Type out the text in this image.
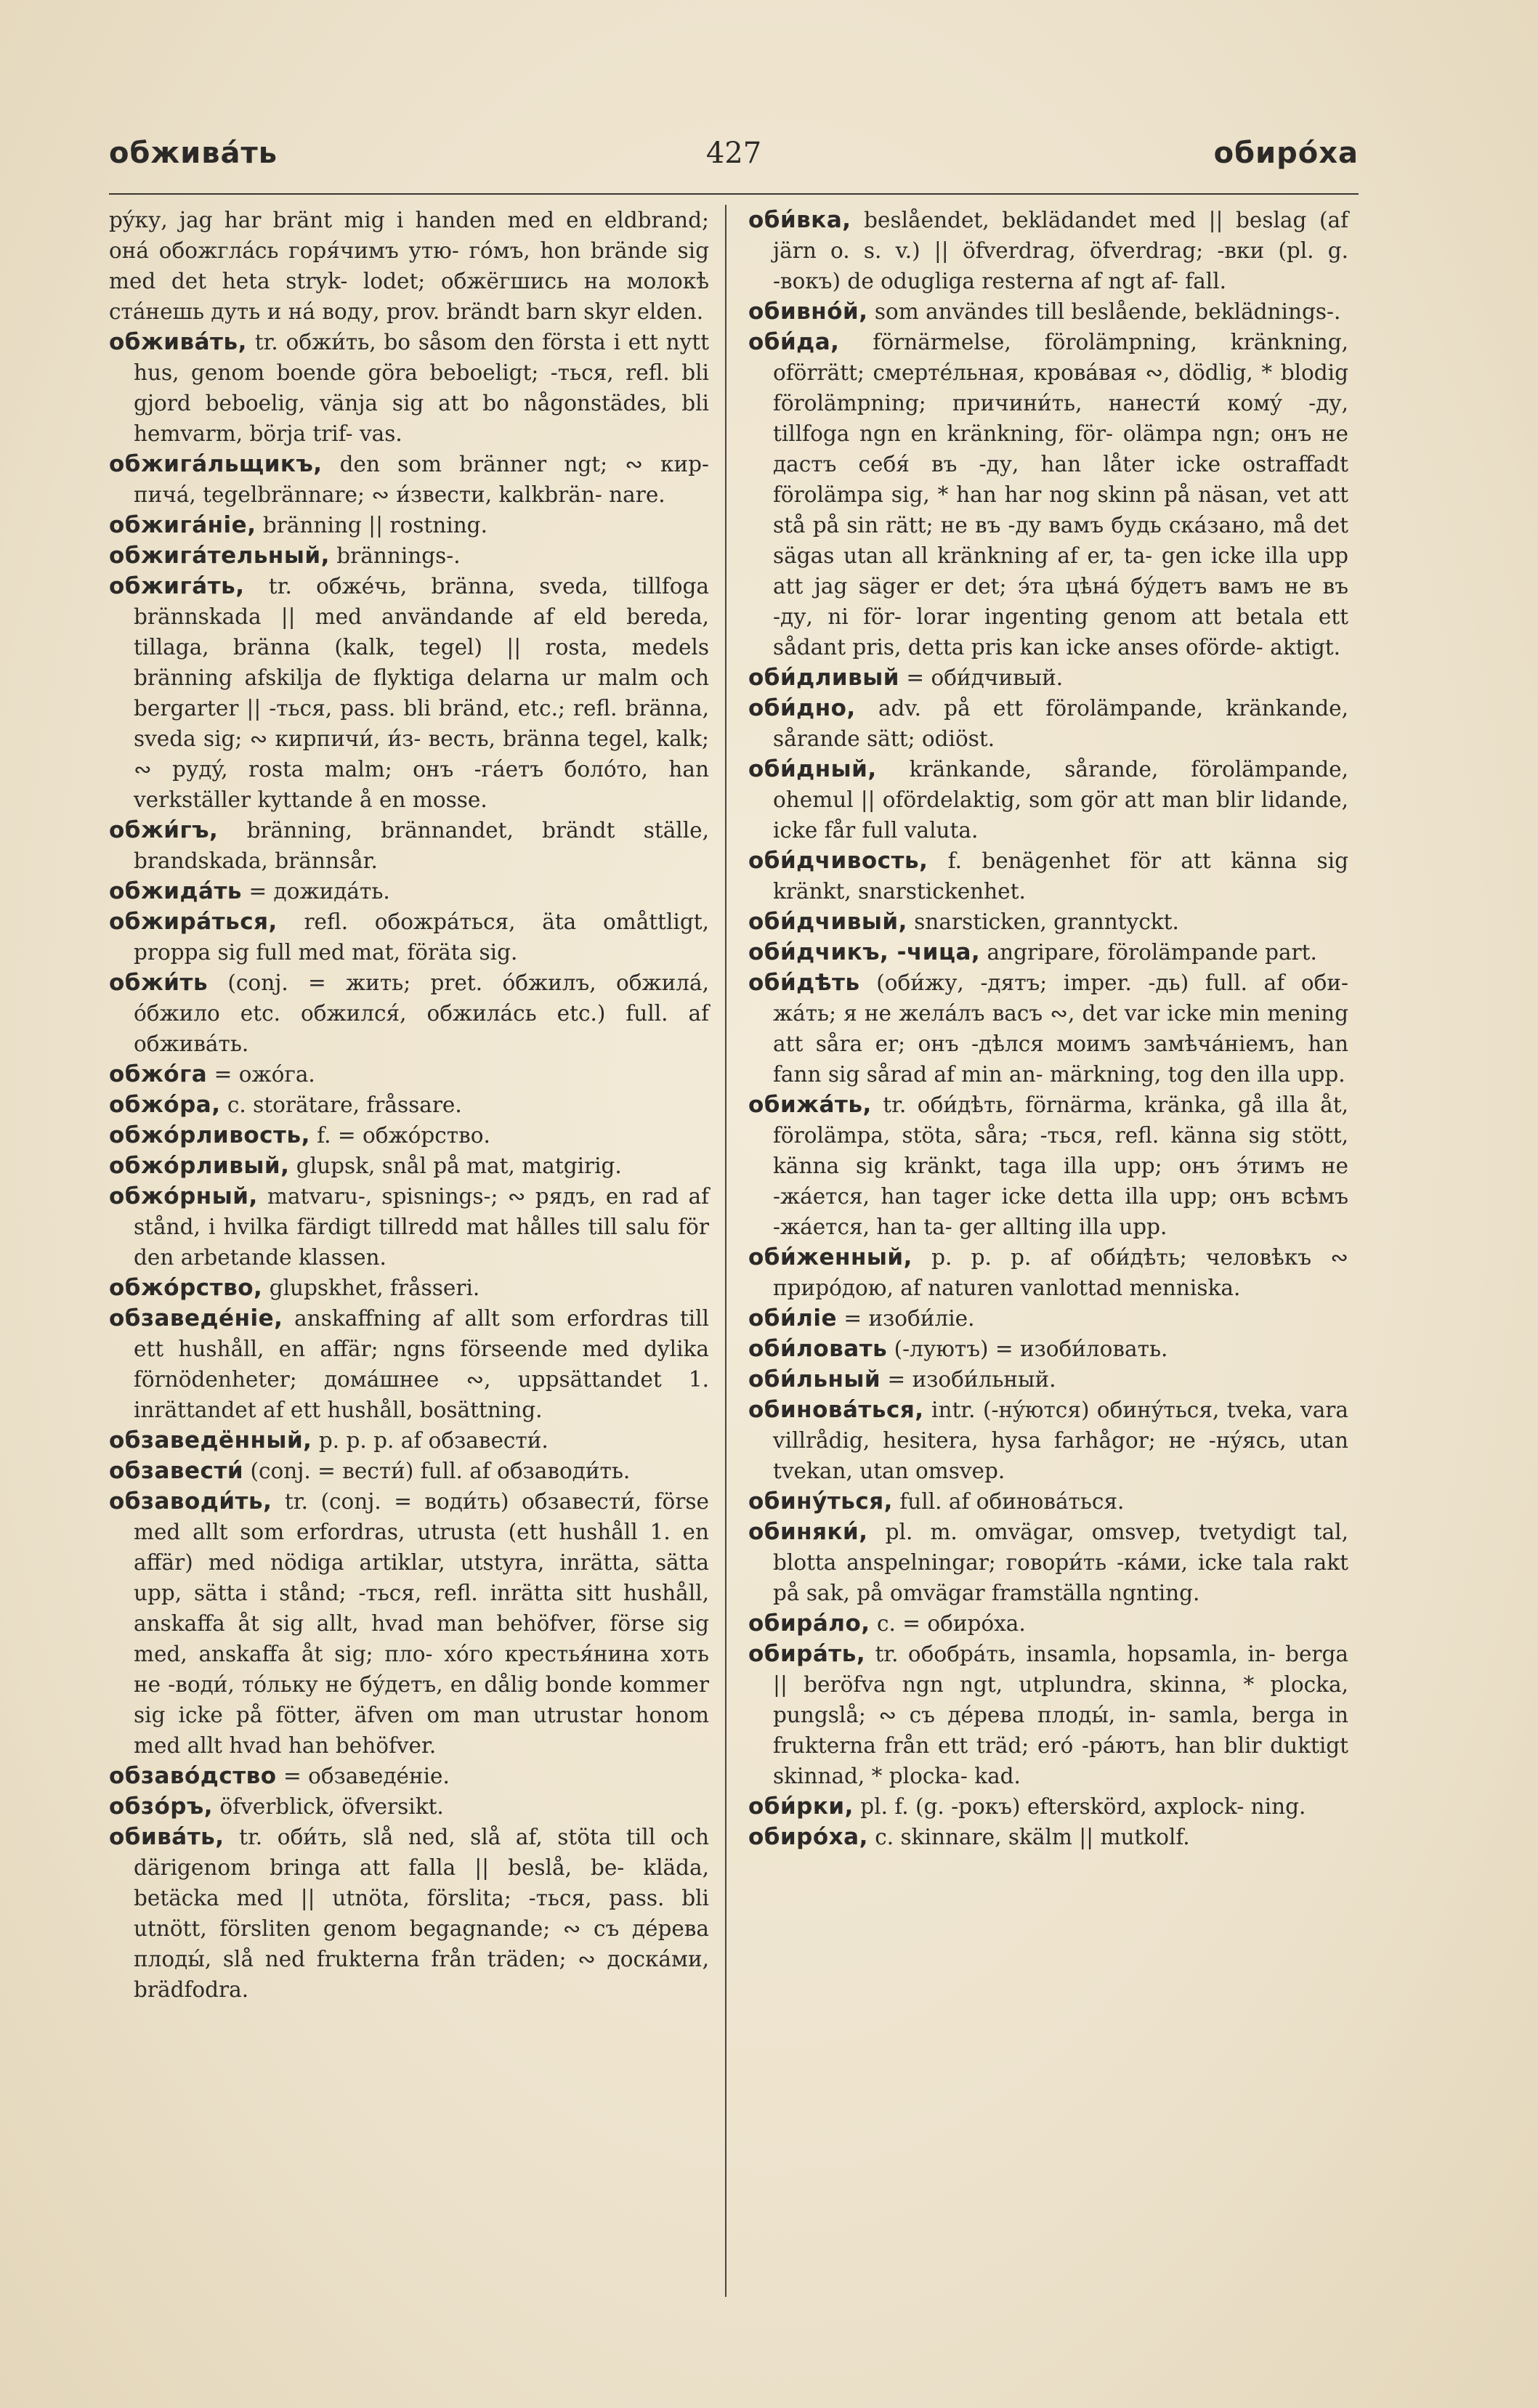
обживáть	427	обирóха

рýку, jag har bränt mig i handen med en eldbrand; онá обожглáсь горя́чимъ утю- гóмъ, hon brände sig med det heta stryk- lodet; обжёгшись на молокѣ стáнешь дуть и нá воду, prov. brändt barn skyr elden.

обживáть, tr. обжи́ть, bo såsom den första i ett nytt hus, genom boende göra beboeligt; -ться, refl. bli gjord beboelig, vänja sig att bo någonstädes, bli hemvarm, börja trif- vas.

обжигáльщикъ, den som bränner ngt; ∾ кир- пичá, tegelbrännare; ∾ и́звести, kalkbrän- nare.

обжигáніе, bränning || rostning.

обжигáтельный, brännings-.

обжигáть, tr. обжéчь, bränna, sveda, tillfoga brännskada || med användande af eld bereda, tillaga, bränna (kalk, tegel) || rosta, medels bränning afskilja de flyktiga delarna ur malm och bergarter || -ться, pass. bli bränd, etc.; refl. bränna, sveda sig; ∾ кирпичи́, и́з- весть, bränna tegel, kalk; ∾ рудý, rosta malm; онъ -гáетъ болóто, han verkställer kyttande å en mosse.

обжи́гъ, bränning, brännandet, brändt ställe, brandskada, brännsår.

обжидáть = дожидáть.

обжирáться, refl. обожрáться, äta omåttligt, proppa sig full med mat, föräta sig.

обжи́ть (conj. = жить; pret. óбжилъ, обжилá, óбжило etc. обжился́, обжилáсь etc.) full. af обживáть.

обжóга = ожóга.

обжóра, c. storätare, fråssare.

обжóрливость, f. = обжóрство.

обжóрливый, glupsk, snål på mat, matgirig.

обжóрный, matvaru-, spisnings-; ∾ рядъ, en rad af stånd, i hvilka färdigt tillredd mat hålles till salu för den arbetande klassen.

обжóрство, glupskhet, fråsseri.

обзаведéніе, anskaffning af allt som erfordras till ett hushåll, en affär; ngns förseende med dylika förnödenheter; домáшнее ∾, uppsättandet 1. inrättandet af ett hushåll, bosättning.

обзаведённый, p. p. p. af обзавести́.

обзавести́ (conj. = вести́) full. af обзаводи́ть.

обзаводи́ть, tr. (conj. = води́ть) обзавести́, förse med allt som erfordras, utrusta (ett hushåll 1. en affär) med nödiga artiklar, utstyra, inrätta, sätta upp, sätta i stånd; -ться, refl. inrätta sitt hushåll, anskaffa åt sig allt, hvad man behöfver, förse sig med, anskaffa åt sig; пло- хóго крестья́нина хоть не -води́, тóльку не бýдетъ, en dålig bonde kommer sig icke på fötter, äfven om man utrustar honom med allt hvad han behöfver.

обзавóдство = обзаведéніе.

обзóръ, öfverblick, öfversikt.

обивáть, tr. оби́ть, slå ned, slå af, stöta till och därigenom bringa att falla || beslå, be- kläda, betäcka med || utnöta, förslita; -ться, pass. bli utnött, försliten genom begagnande; ∾ съ дéрева плоды́, slå ned frukterna från träden; ∾ доскáми, brädfodra.

оби́вка, beslåendet, beklädandet med || beslag (af järn o. s. v.) || öfverdrag, öfverdrag; -вки (pl. g. -вокъ) de odugliga resterna af ngt af- fall.

обивнóй, som användes till beslående, beklädnings-.

оби́да, förnärmelse, förolämpning, kränkning, oförrätt; смертéльная, кровáвая ∾, dödlig, * blodig förolämpning; причини́ть, нанести́ комý -ду, tillfoga ngn en kränkning, för- olämpa ngn; онъ не дастъ себя́ въ -ду, han låter icke ostraffadt förolämpa sig, * han har nog skinn på näsan, vet att stå på sin rätt; не въ -ду вамъ будь скáзано, må det sägas utan all kränkning af er, ta- gen icke illa upp att jag säger er det; э́та цѣнá бýдетъ вамъ не въ -ду, ni för- lorar ingenting genom att betala ett sådant pris, detta pris kan icke anses oförde- aktigt.

оби́дливый = оби́дчивый.

оби́дно, adv. på ett förolämpande, kränkande, sårande sätt; odiöst.

оби́дный, kränkande, sårande, förolämpande, ohemul || ofördelaktig, som gör att man blir lidande, icke får full valuta.

оби́дчивость, f. benägenhet för att känna sig kränkt, snarstickenhet.

оби́дчивый, snarsticken, granntyckt.

оби́дчикъ, -чица, angripare, förolämpande part.

оби́дѣть (оби́жу, -дятъ; imper. -дь) full. af оби- жáть; я не желáлъ васъ ∾, det var icke min mening att såra er; онъ -дѣлся моимъ замѣчáніемъ, han fann sig sårad af min an- märkning, tog den illa upp.

обижáть, tr. оби́дѣть, förnärma, kränka, gå illa åt, förolämpa, stöta, såra; -ться, refl. känna sig stött, känna sig kränkt, taga illa upp; онъ э́тимъ не -жáется, han tager icke detta illa upp; онъ всѣмъ -жáется, han ta- ger allting illa upp.

оби́женный, p. p. p. af оби́дѣть; человѣкъ ∾ прирóдою, af naturen vanlottad menniska.

оби́ліе = изоби́ліе.

оби́ловать (-луютъ) = изоби́ловать.

оби́льный = изоби́льный.

обиновáться, intr. (-нýются) обинýться, tveka, vara villrådig, hesitera, hysa farhågor; не -нýясь, utan tvekan, utan omsvep.

обинýться, full. af обиновáться.

обиняки́, pl. m. omvägar, omsvep, tvetydigt tal, blotta anspelningar; говори́ть -кáми, icke tala rakt på sak, på omvägar framställa ngnting.

обирáло, c. = обирóха.

обирáть, tr. обобрáть, insamla, hopsamla, in- berga || beröfva ngn ngt, utplundra, skinna, * plocka, pungslå; ∾ съ дéрева плоды́, in- samla, berga in frukterna från ett träd; eró -рáютъ, han blir duktigt skinnad, * plocka- kad.

оби́рки, pl. f. (g. -рокъ) efterskörd, axplock- ning.

обирóха, c. skinnare, skälm || mutkolf.
